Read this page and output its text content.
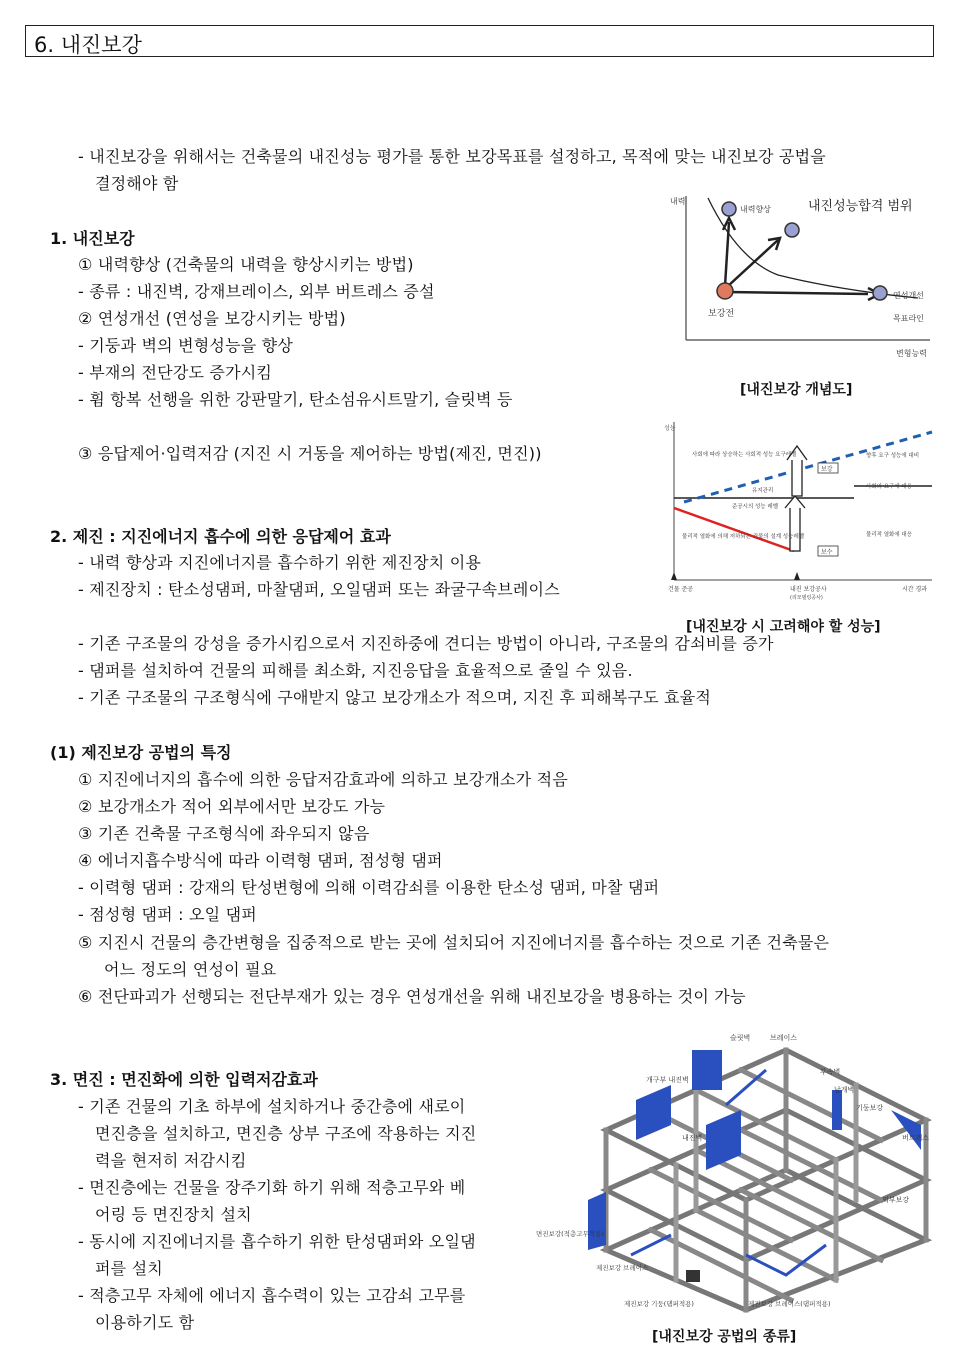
6. 내진보강
- 내진보강을 위해서는 건축물의 내진성능 평가를 통한 보강목표를 설정하고, 목적에 맞는 내진보강 공법을
결정해야 함
1. 내진보강
① 내력향상 (건축물의 내력을 향상시키는 방법)
- 종류 : 내진벽, 강재브레이스, 외부 버트레스 증설
② 연성개선 (연성을 보강시키는 방법)
- 기둥과 벽의 변형성능을 향상
- 부재의 전단강도 증가시킴
- 휨 항복 선행을 위한 강판말기, 탄소섬유시트말기, 슬릿벽 등
③ 응답제어·입력저감 (지진 시 거동을 제어하는 방법(제진, 면진))
2. 제진 : 지진에너지 흡수에 의한 응답제어 효과
- 내력 향상과 지진에너지를 흡수하기 위한 제진장치 이용
- 제진장치 : 탄소성댐퍼, 마찰댐퍼, 오일댐퍼 또는 좌굴구속브레이스
- 기존 구조물의 강성을 증가시킴으로서 지진하중에 견디는 방법이 아니라, 구조물의 감쇠비를 증가
- 댐퍼를 설치하여 건물의 피해를 최소화, 지진응답을 효율적으로 줄일 수 있음.
- 기존 구조물의 구조형식에 구애받지 않고 보강개소가 적으며, 지진 후 피해복구도 효율적
(1) 제진보강 공법의 특징
① 지진에너지의 흡수에 의한 응답저감효과에 의하고 보강개소가 적음
② 보강개소가 적어 외부에서만 보강도 가능
③ 기존 건축물 구조형식에 좌우되지 않음
④ 에너지흡수방식에 따라 이력형 댐퍼, 점성형 댐퍼
- 이력형 댐퍼 : 강재의 탄성변형에 의해 이력감쇠를 이용한 탄소성 댐퍼, 마찰 댐퍼
- 점성형 댐퍼 : 오일 댐퍼
⑤ 지진시 건물의 층간변형을 집중적으로 받는 곳에 설치되어 지진에너지를 흡수하는 것으로 기존 건축물은
어느 정도의 연성이 필요
⑥ 전단파괴가 선행되는 전단부재가 있는 경우 연성개선을 위해 내진보강을 병용하는 것이 가능
3. 면진 : 면진화에 의한 입력저감효과
- 기존 건물의 기초 하부에 설치하거나 중간층에 새로이
면진층을 설치하고, 면진층 상부 구조에 작용하는 지진
력을 현저히 저감시킴
- 면진층에는 건물을 장주기화 하기 위해 적층고무와 베
어링 등 면진장치 설치
- 동시에 지진에너지를 흡수하기 위한 탄성댐퍼와 오일댐
퍼를 설치
- 적층고무 자체에 에너지 흡수력이 있는 고감쇠 고무를
이용하기도 함
내력
변형능력
내진성능합격 범위
내력향상
연성개선
목표라인
보강전
[내진보강 개념도]
성능
사회에 따라 상승하는 사회적 성능 요구레벨	향후 요구 성능에 대비
보강
사회의 요구에 대응
유지관리
준공시의 성능 레벨
물리적 열화에 의해 저하되는 건물의 설계 성능레벨
보수
물리적 열화에 대응
건물 준공	내진 보강공사
(리모델링공사)
시간 경과
[내진보강 시 고려해야 할 성능]
슬릿벽	브레이스
개구부 내진벽
부속벽
날개벽
기둥보강
내진벽	버트레스
외부보강
면진보강(적층고무적용)
제진보강 브레이스
제진보강 기둥(댐퍼적용)	제진보강 브레이스(댐퍼적용)
[내진보강 공법의 종류]
